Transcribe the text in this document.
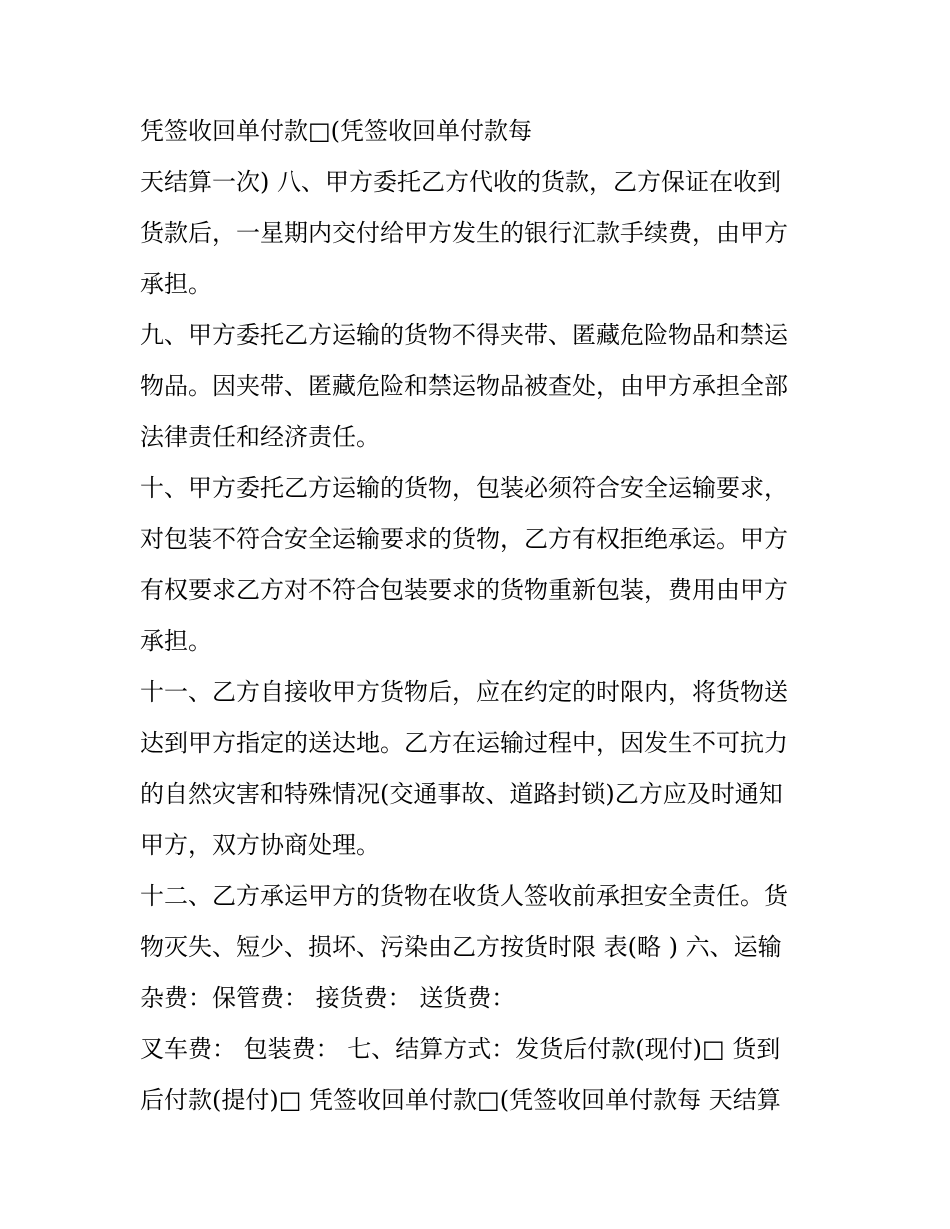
凭签收回单付款□(凭签收回单付款每
天结算一次) 八、甲方委托乙方代收的货款，乙方保证在收到
货款后，一星期内交付给甲方发生的银行汇款手续费，由甲方
承担。
九、甲方委托乙方运输的货物不得夹带、匿藏危险物品和禁运
物品。因夹带、匿藏危险和禁运物品被查处，由甲方承担全部
法律责任和经济责任。
十、甲方委托乙方运输的货物，包装必须符合安全运输要求，
对包装不符合安全运输要求的货物，乙方有权拒绝承运。甲方
有权要求乙方对不符合包装要求的货物重新包装，费用由甲方
承担。
十一、乙方自接收甲方货物后，应在约定的时限内，将货物送
达到甲方指定的送达地。乙方在运输过程中，因发生不可抗力
的自然灾害和特殊情况(交通事故、道路封锁)乙方应及时通知
甲方，双方协商处理。
十二、乙方承运甲方的货物在收货人签收前承担安全责任。货
物灭失、短少、损坏、污染由乙方按货时限 表(略 ) 六、运输
杂费：保管费： 接货费： 送货费：
叉车费： 包装费： 七、结算方式：发货后付款(现付)□ 货到
后付款(提付)□ 凭签收回单付款□(凭签收回单付款每 天结算
